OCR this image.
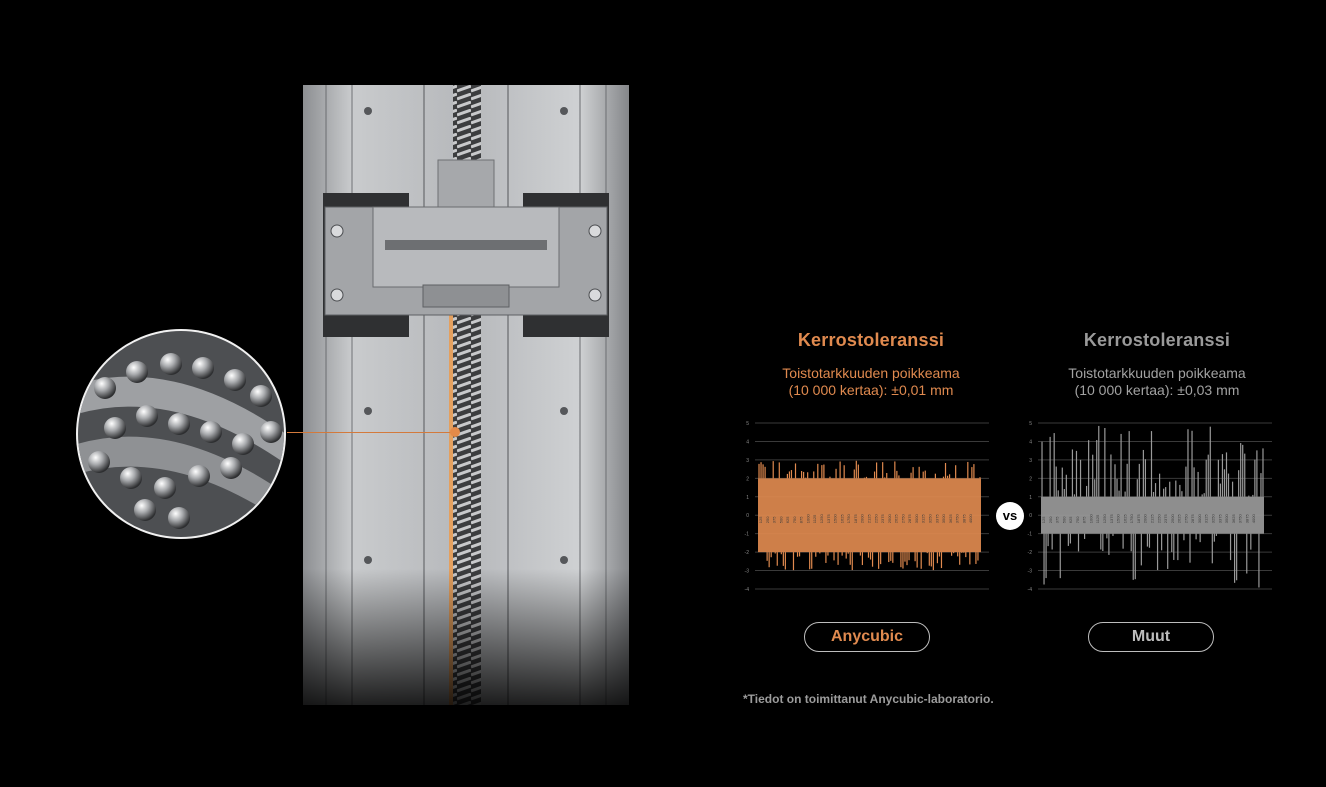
Kerrostoleranssi
Toistotarkkuuden poikkeama
(10 000 kertaa): ±0,01 mm
5
4
3
2
1
0
-1
-2
-3
-4
125 250 375 500 625 750 875 1000 1125 1250 1375 1500 1625 1750 1875 2000 2125 2250 2375 2500 2625 2750 2875 3000 3125 3250 3375 3500 3625 3750 3875 4000	vs
Kerrostoleranssi
Toistotarkkuuden poikkeama
(10 000 kertaa): ±0,03 mm
5
4
3
2
1
0
-1
-2
-3
-4
125 250 375 500 625 750 875 1000 1125 1250 1375 1500 1625 1750 1875 2000 2125 2250 2375 2500 2625 2750 2875 3000 3125 3250 3375 3500 3625 3750 3875 4000
Anycubic	Muut
*Tiedot on toimittanut Anycubic-laboratorio.
